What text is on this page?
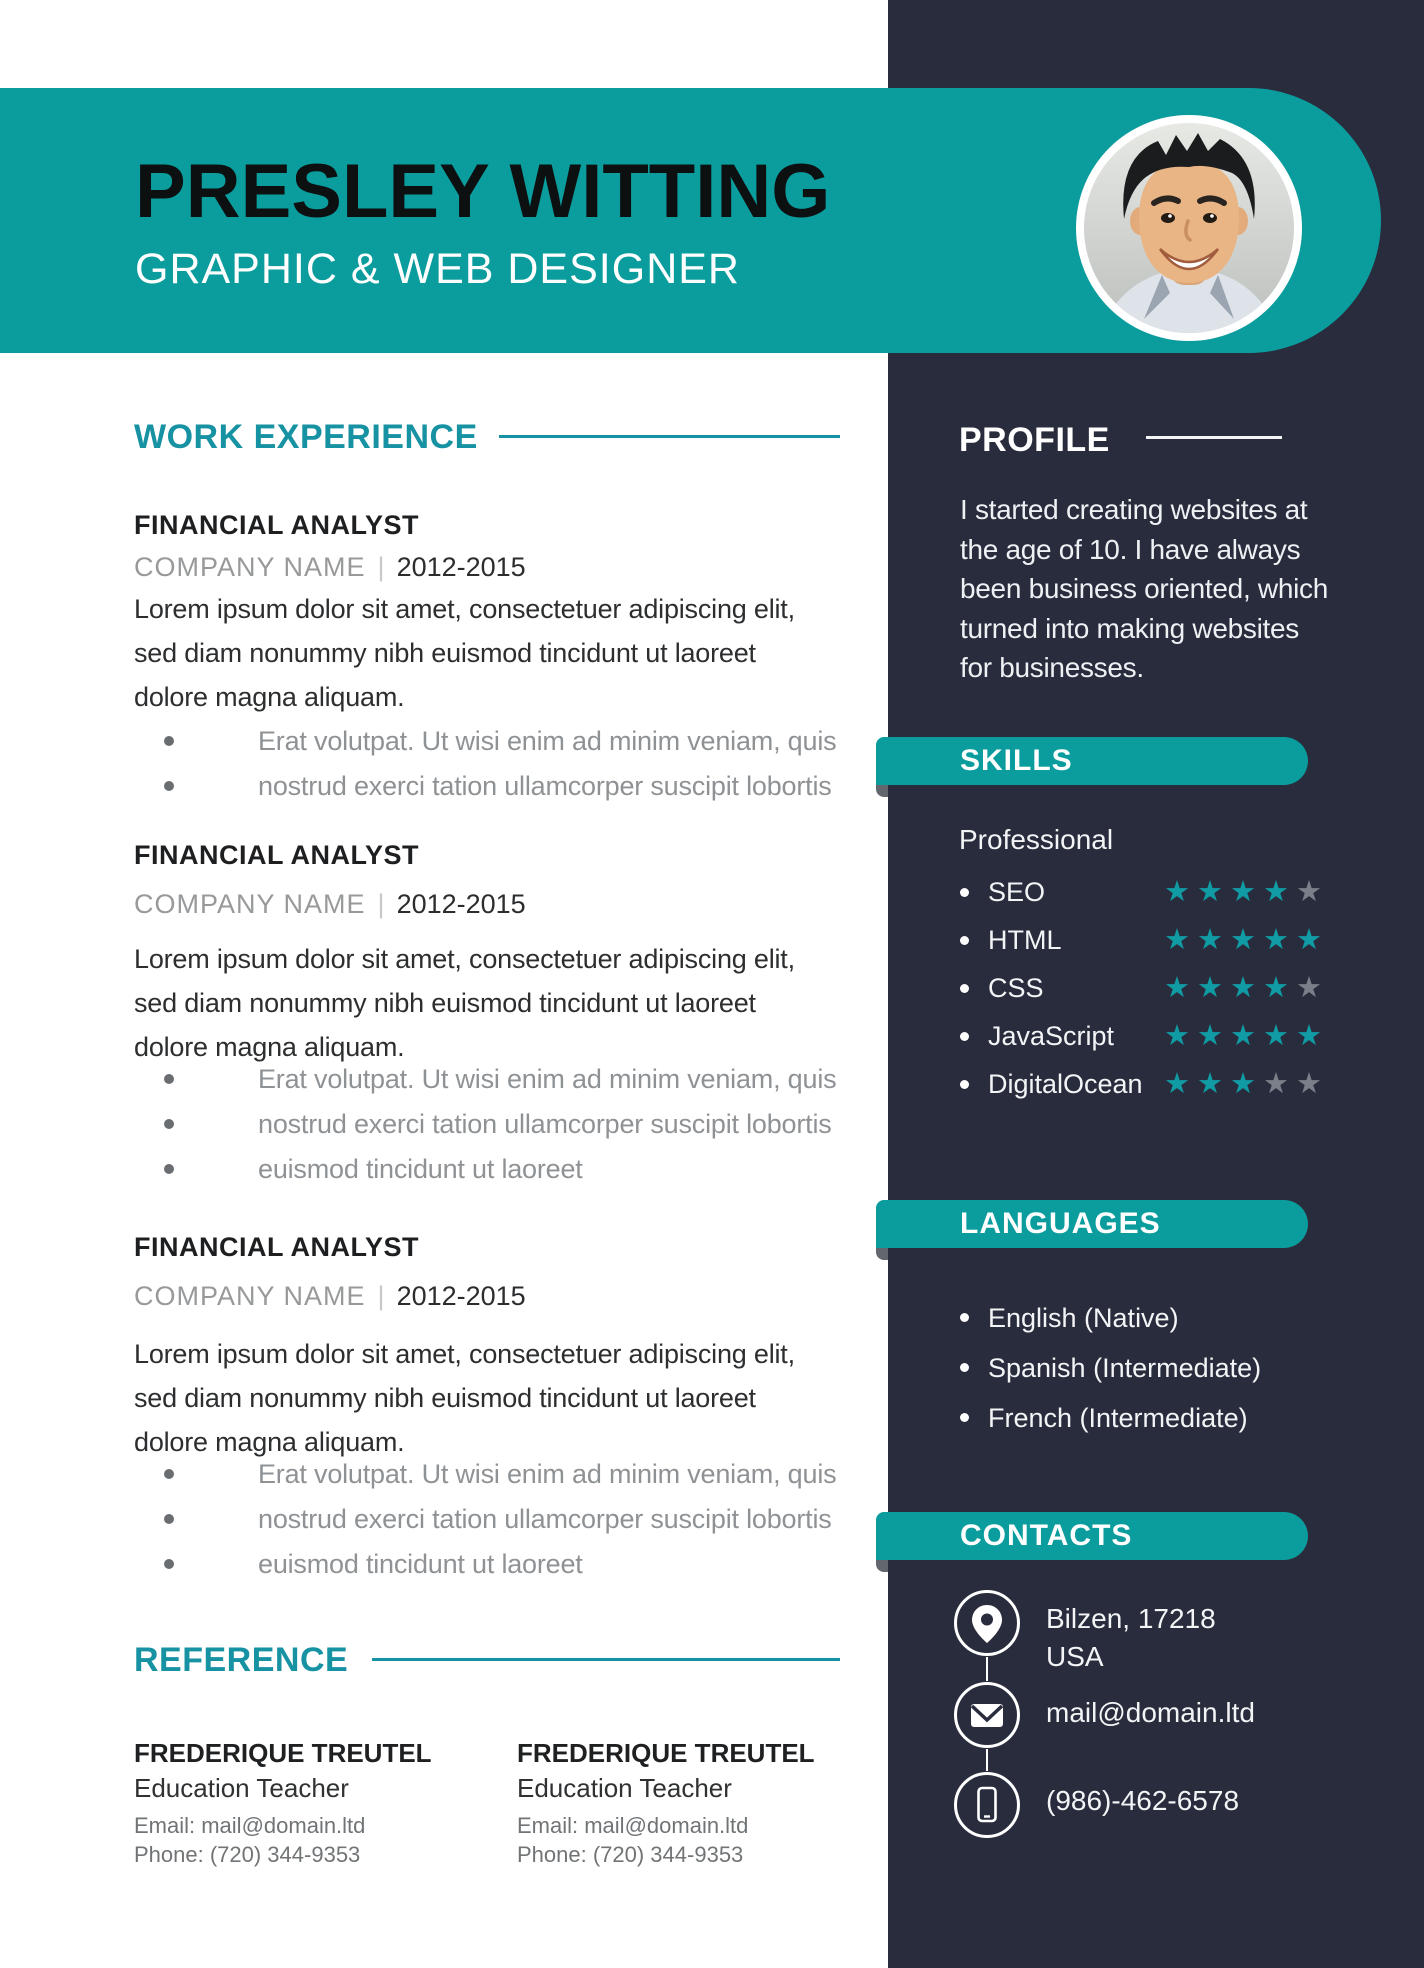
PRESLEY WITTING
GRAPHIC & WEB DESIGNER
WORK EXPERIENCE
FINANCIAL ANALYST
COMPANY NAME | 2012-2015
Lorem ipsum dolor sit amet, consectetuer adipiscing elit,
sed diam nonummy nibh euismod tincidunt ut laoreet
dolore magna aliquam.
Erat volutpat. Ut wisi enim ad minim veniam, quis
nostrud exerci tation ullamcorper suscipit lobortis
FINANCIAL ANALYST
COMPANY NAME | 2012-2015
Lorem ipsum dolor sit amet, consectetuer adipiscing elit,
sed diam nonummy nibh euismod tincidunt ut laoreet
dolore magna aliquam.
Erat volutpat. Ut wisi enim ad minim veniam, quis
nostrud exerci tation ullamcorper suscipit lobortis
euismod tincidunt ut laoreet
FINANCIAL ANALYST
COMPANY NAME | 2012-2015
Lorem ipsum dolor sit amet, consectetuer adipiscing elit,
sed diam nonummy nibh euismod tincidunt ut laoreet
dolore magna aliquam.
Erat volutpat. Ut wisi enim ad minim veniam, quis
nostrud exerci tation ullamcorper suscipit lobortis
euismod tincidunt ut laoreet
REFERENCE
FREDERIQUE TREUTEL
Education Teacher
Email: mail@domain.ltd
Phone: (720) 344-9353
FREDERIQUE TREUTEL
Education Teacher
Email: mail@domain.ltd
Phone: (720) 344-9353
PROFILE
I started creating websites at
the age of 10. I have always
been business oriented, which
turned into making websites
for businesses.
SKILLS
Professional
SEO	★ ★ ★ ★ ★
HTML	★ ★ ★ ★ ★
CSS	★ ★ ★ ★ ★
JavaScript ★ ★ ★ ★ ★
DigitalOcean ★ ★ ★ ★ ★
LANGUAGES
English (Native)
Spanish (Intermediate)
French (Intermediate)
CONTACTS
Bilzen, 17218
USA
mail@domain.ltd
(986)-462-6578
